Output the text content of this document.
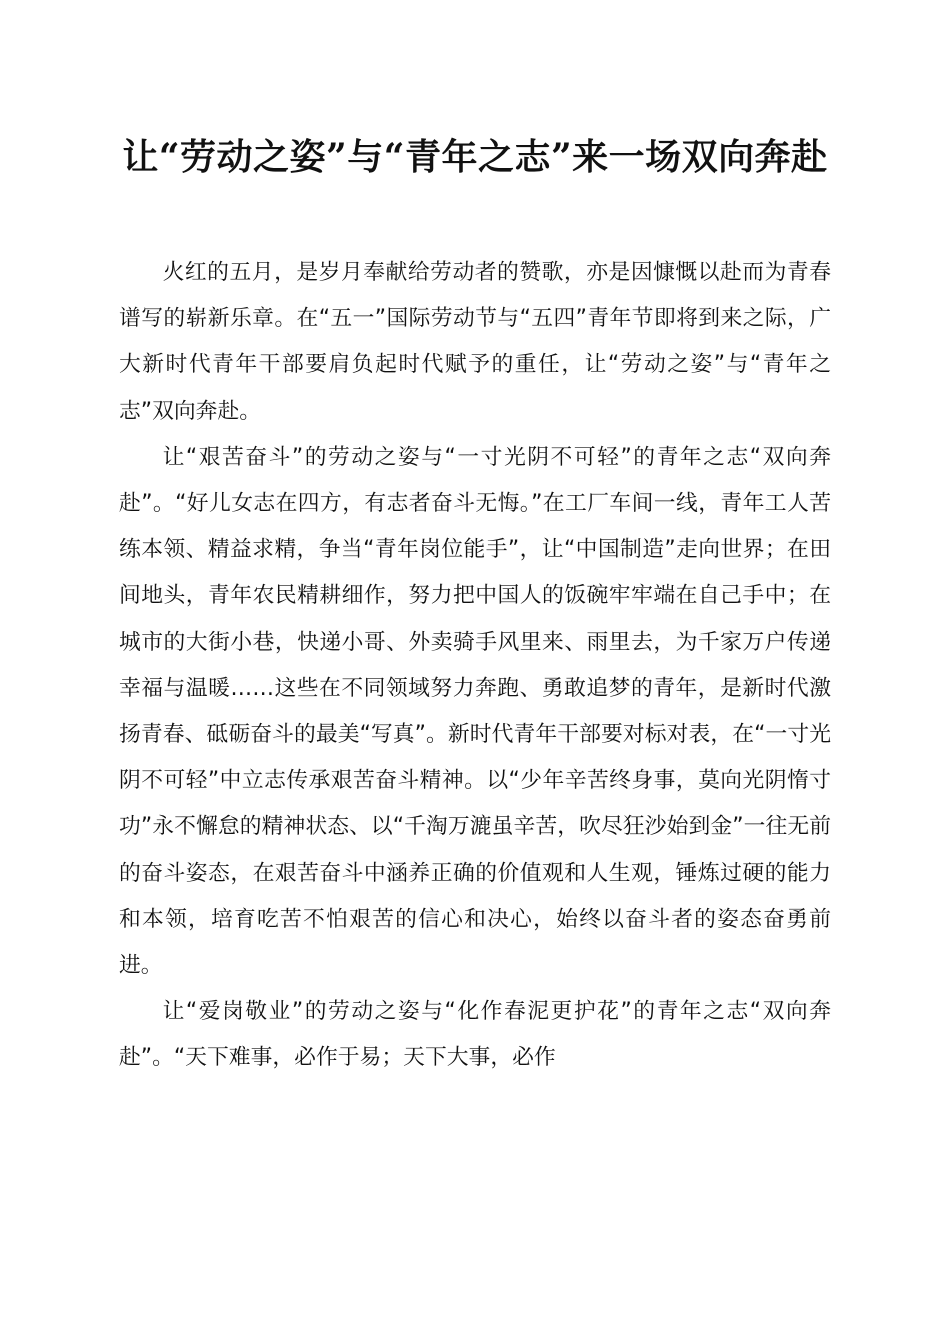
让“劳动之姿”与“青年之志”来一场双向奔赴

火红的五月，是岁月奉献给劳动者的赞歌，亦是因慷慨以赴而为青春谱写的崭新乐章。在“五一”国际劳动节与“五四”青年节即将到来之际，广大新时代青年干部要肩负起时代赋予的重任，让“劳动之姿”与“青年之志”双向奔赴。

让“艰苦奋斗”的劳动之姿与“一寸光阴不可轻”的青年之志“双向奔赴”。“好儿女志在四方，有志者奋斗无悔。”在工厂车间一线，青年工人苦练本领、精益求精，争当“青年岗位能手”，让“中国制造”走向世界；在田间地头，青年农民精耕细作，努力把中国人的饭碗牢牢端在自己手中；在城市的大街小巷，快递小哥、外卖骑手风里来、雨里去，为千家万户传递幸福与温暖……这些在不同领域努力奔跑、勇敢追梦的青年，是新时代激扬青春、砥砺奋斗的最美“写真”。新时代青年干部要对标对表，在“一寸光阴不可轻”中立志传承艰苦奋斗精神。以“少年辛苦终身事，莫向光阴惰寸功”永不懈怠的精神状态、以“千淘万漉虽辛苦，吹尽狂沙始到金”一往无前的奋斗姿态，在艰苦奋斗中涵养正确的价值观和人生观，锤炼过硬的能力和本领，培育吃苦不怕艰苦的信心和决心，始终以奋斗者的姿态奋勇前进。

让“爱岗敬业”的劳动之姿与“化作春泥更护花”的青年之志“双向奔赴”。“天下难事，必作于易；天下大事，必作
